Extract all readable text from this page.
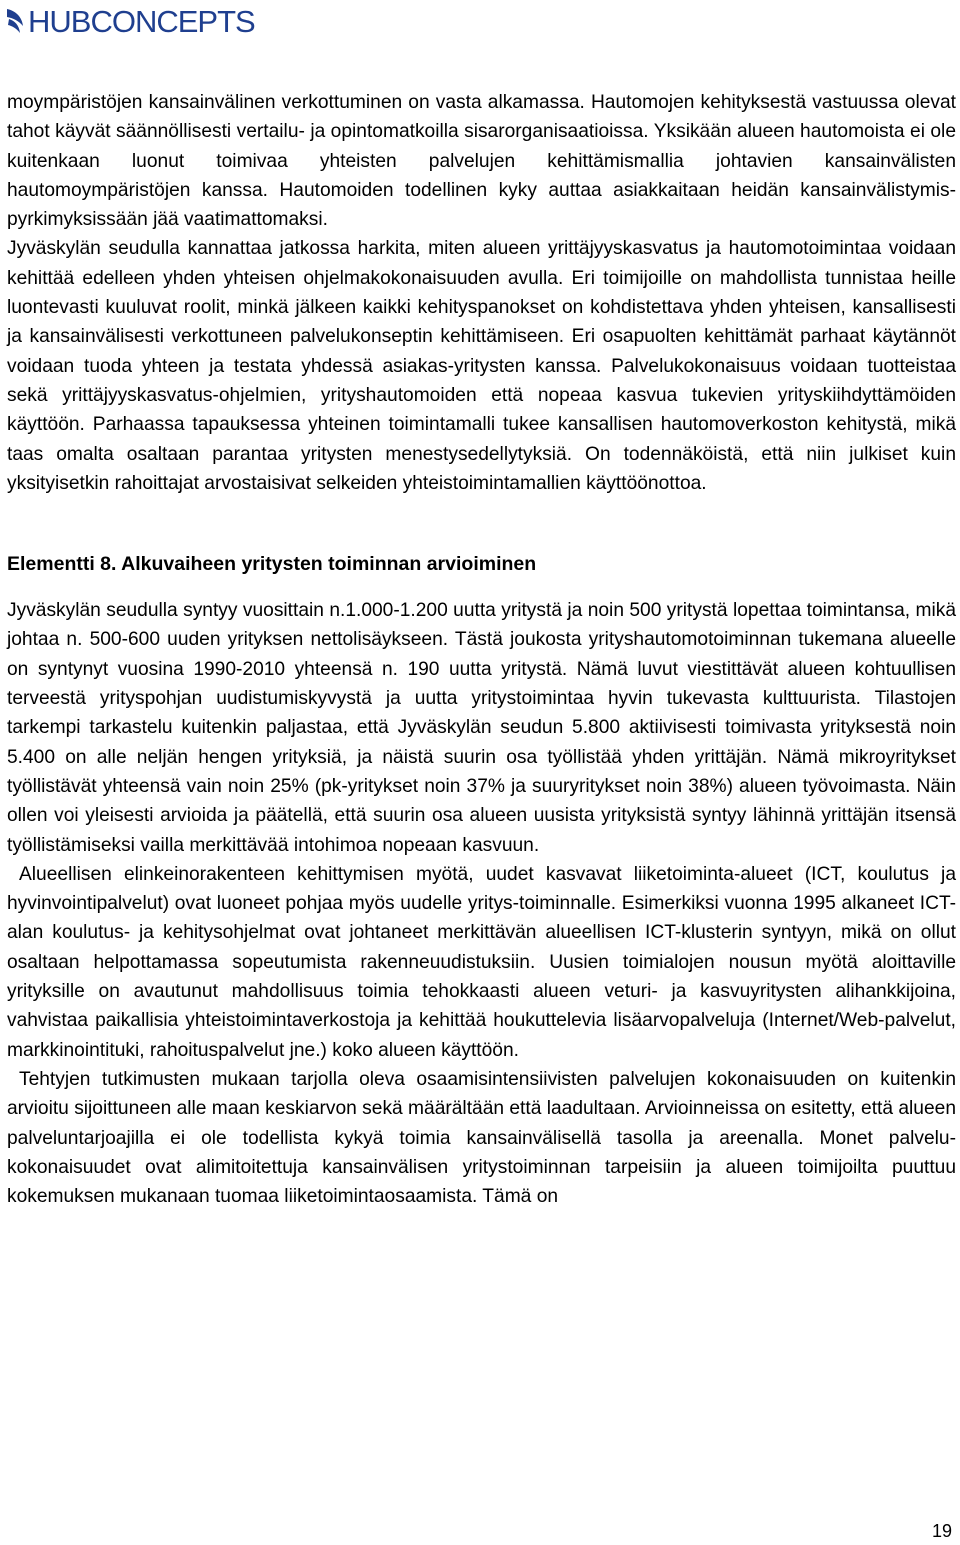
HUBCONCEPTS

moympäristöjen kansainvälinen verkottuminen on vasta alkamassa. Hautomojen kehityksestä vastuussa olevat tahot käyvät säännöllisesti vertailu- ja opintomatkoilla sisarorganisaatioissa. Yksikään alueen hautomoista ei ole kuitenkaan luonut toimivaa yhteisten palvelujen kehittämismallia johtavien kansainvälisten hautomoympäristöjen kanssa. Hautomoiden todellinen kyky auttaa asiakkaitaan heidän kansainvälistymis-pyrkimyksissään jää vaatimattomaksi.

Jyväskylän seudulla kannattaa jatkossa harkita, miten alueen yrittäjyyskasvatus ja hautomotoimintaa voidaan kehittää edelleen yhden yhteisen ohjelmakokonaisuuden avulla. Eri toimijoille on mahdollista tunnistaa heille luontevasti kuuluvat roolit, minkä jälkeen kaikki kehityspanokset on kohdistettava yhden yhteisen, kansallisesti ja kansainvälisesti verkottuneen palvelukonseptin kehittämiseen. Eri osapuolten kehittämät parhaat käytännöt voidaan tuoda yhteen ja testata yhdessä asiakas-yritysten kanssa. Palvelukokonaisuus voidaan tuotteistaa sekä yrittäjyyskasvatus-ohjelmien, yrityshautomoiden että nopeaa kasvua tukevien yrityskiihdyttämöiden käyttöön. Parhaassa tapauksessa yhteinen toimintamalli tukee kansallisen hautomoverkoston kehitystä, mikä taas omalta osaltaan parantaa yritysten menestysedellytyksiä. On todennäköistä, että niin julkiset kuin yksityisetkin rahoittajat arvostaisivat selkeiden yhteistoimintamallien käyttöönottoa.

Elementti 8. Alkuvaiheen yritysten toiminnan arvioiminen

Jyväskylän seudulla syntyy vuosittain n.1.000-1.200 uutta yritystä ja noin 500 yritystä lopettaa toimintansa, mikä johtaa n. 500-600 uuden yrityksen nettolisäykseen. Tästä joukosta yrityshautomotoiminnan tukemana alueelle on syntynyt vuosina 1990-2010 yhteensä n. 190 uutta yritystä. Nämä luvut viestittävät alueen kohtuullisen terveestä yrityspohjan uudistumiskyvystä ja uutta yritystoimintaa hyvin tukevasta kulttuurista. Tilastojen tarkempi tarkastelu kuitenkin paljastaa, että Jyväskylän seudun 5.800 aktiivisesti toimivasta yrityksestä noin 5.400 on alle neljän hengen yrityksiä, ja näistä suurin osa työllistää yhden yrittäjän. Nämä mikroyritykset työllistävät yhteensä vain noin 25% (pk-yritykset noin 37% ja suuryritykset noin 38%) alueen työvoimasta. Näin ollen voi yleisesti arvioida ja päätellä, että suurin osa alueen uusista yrityksistä syntyy lähinnä yrittäjän itsensä työllistämiseksi vailla merkittävää intohimoa nopeaan kasvuun.

Alueellisen elinkeinorakenteen kehittymisen myötä, uudet kasvavat liiketoiminta-alueet (ICT, koulutus ja hyvinvointipalvelut) ovat luoneet pohjaa myös uudelle yritys-toiminnalle. Esimerkiksi vuonna 1995 alkaneet ICT-alan koulutus- ja kehitysohjelmat ovat johtaneet merkittävän alueellisen ICT-klusterin syntyyn, mikä on ollut osaltaan helpottamassa sopeutumista rakenneuudistuksiin. Uusien toimialojen nousun myötä aloittaville yrityksille on avautunut mahdollisuus toimia tehokkaasti alueen veturi- ja kasvuyritysten alihankkijoina, vahvistaa paikallisia yhteistoimintaverkostoja ja kehittää houkuttelevia lisäarvopalveluja (Internet/Web-palvelut, markkinointituki, rahoituspalvelut jne.) koko alueen käyttöön.

Tehtyjen tutkimusten mukaan tarjolla oleva osaamisintensiivisten palvelujen kokonaisuuden on kuitenkin arvioitu sijoittuneen alle maan keskiarvon sekä määrältään että laadultaan. Arvioinneissa on esitetty, että alueen palveluntarjoajilla ei ole todellista kykyä toimia kansainvälisellä tasolla ja areenalla. Monet palvelu-kokonaisuudet ovat alimitoitettuja kansainvälisen yritystoiminnan tarpeisiin ja alueen toimijoilta puuttuu kokemuksen mukanaan tuomaa liiketoimintaosaamista. Tämä on

19
